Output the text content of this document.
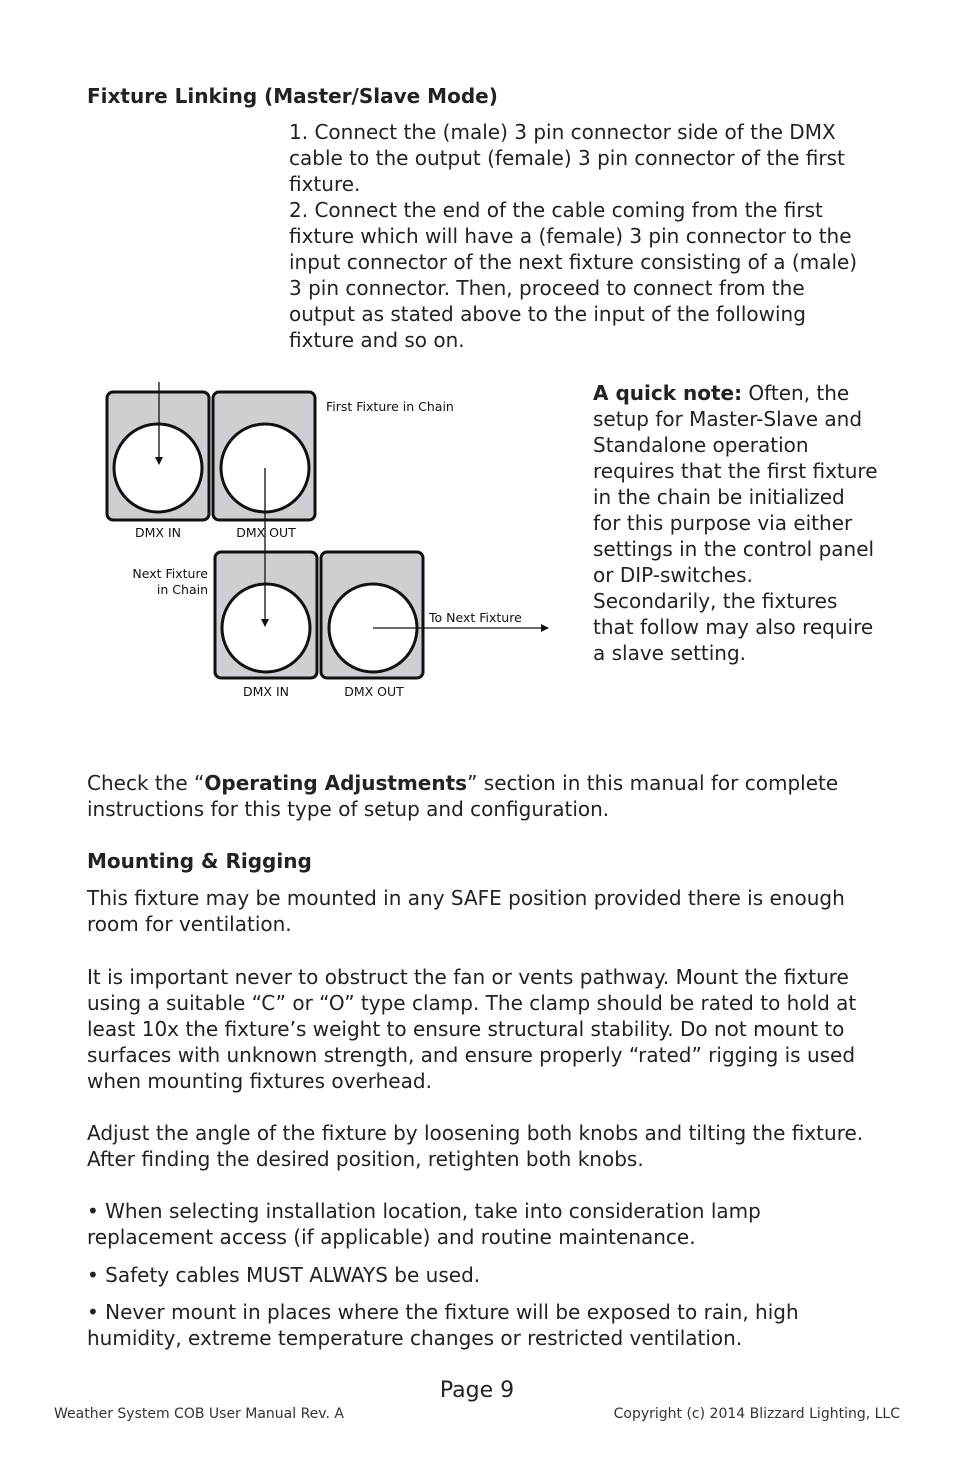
Fixture Linking (Master/Slave Mode)

1. Connect the (male) 3 pin connector side of the DMX cable to the output (female) 3 pin connector of the first fixture.

2. Connect the end of the cable coming from the first fixture which will have a (female) 3 pin connector to the input connector of the next fixture consisting of a (male) 3 pin connector. Then, proceed to connect from the output as stated above to the input of the following fixture and so on.

First Fixture in Chain
DMX IN	DMX OUT
Next Fixture
in Chain
To Next Fixture
DMX IN	DMX OUT

A quick note: Often, the setup for Master-Slave and Standalone operation requires that the first fixture in the chain be initialized for this purpose via either settings in the control panel or DIP-switches. Secondarily, the fixtures that follow may also require a slave setting.

Check the “Operating Adjustments” section in this manual for complete instructions for this type of setup and configuration.

Mounting & Rigging

This fixture may be mounted in any SAFE position provided there is enough room for ventilation.

It is important never to obstruct the fan or vents pathway. Mount the fixture using a suitable “C” or “O” type clamp. The clamp should be rated to hold at least 10x the fixture’s weight to ensure structural stability. Do not mount to surfaces with unknown strength, and ensure properly “rated” rigging is used when mounting fixtures overhead.

Adjust the angle of the fixture by loosening both knobs and tilting the fixture. After finding the desired position, retighten both knobs.

• When selecting installation location, take into consideration lamp replacement access (if applicable) and routine maintenance.

• Safety cables MUST ALWAYS be used.

• Never mount in places where the fixture will be exposed to rain, high humidity, extreme temperature changes or restricted ventilation.

Page 9
Weather System COB User Manual Rev. A	Copyright (c) 2014 Blizzard Lighting, LLC
